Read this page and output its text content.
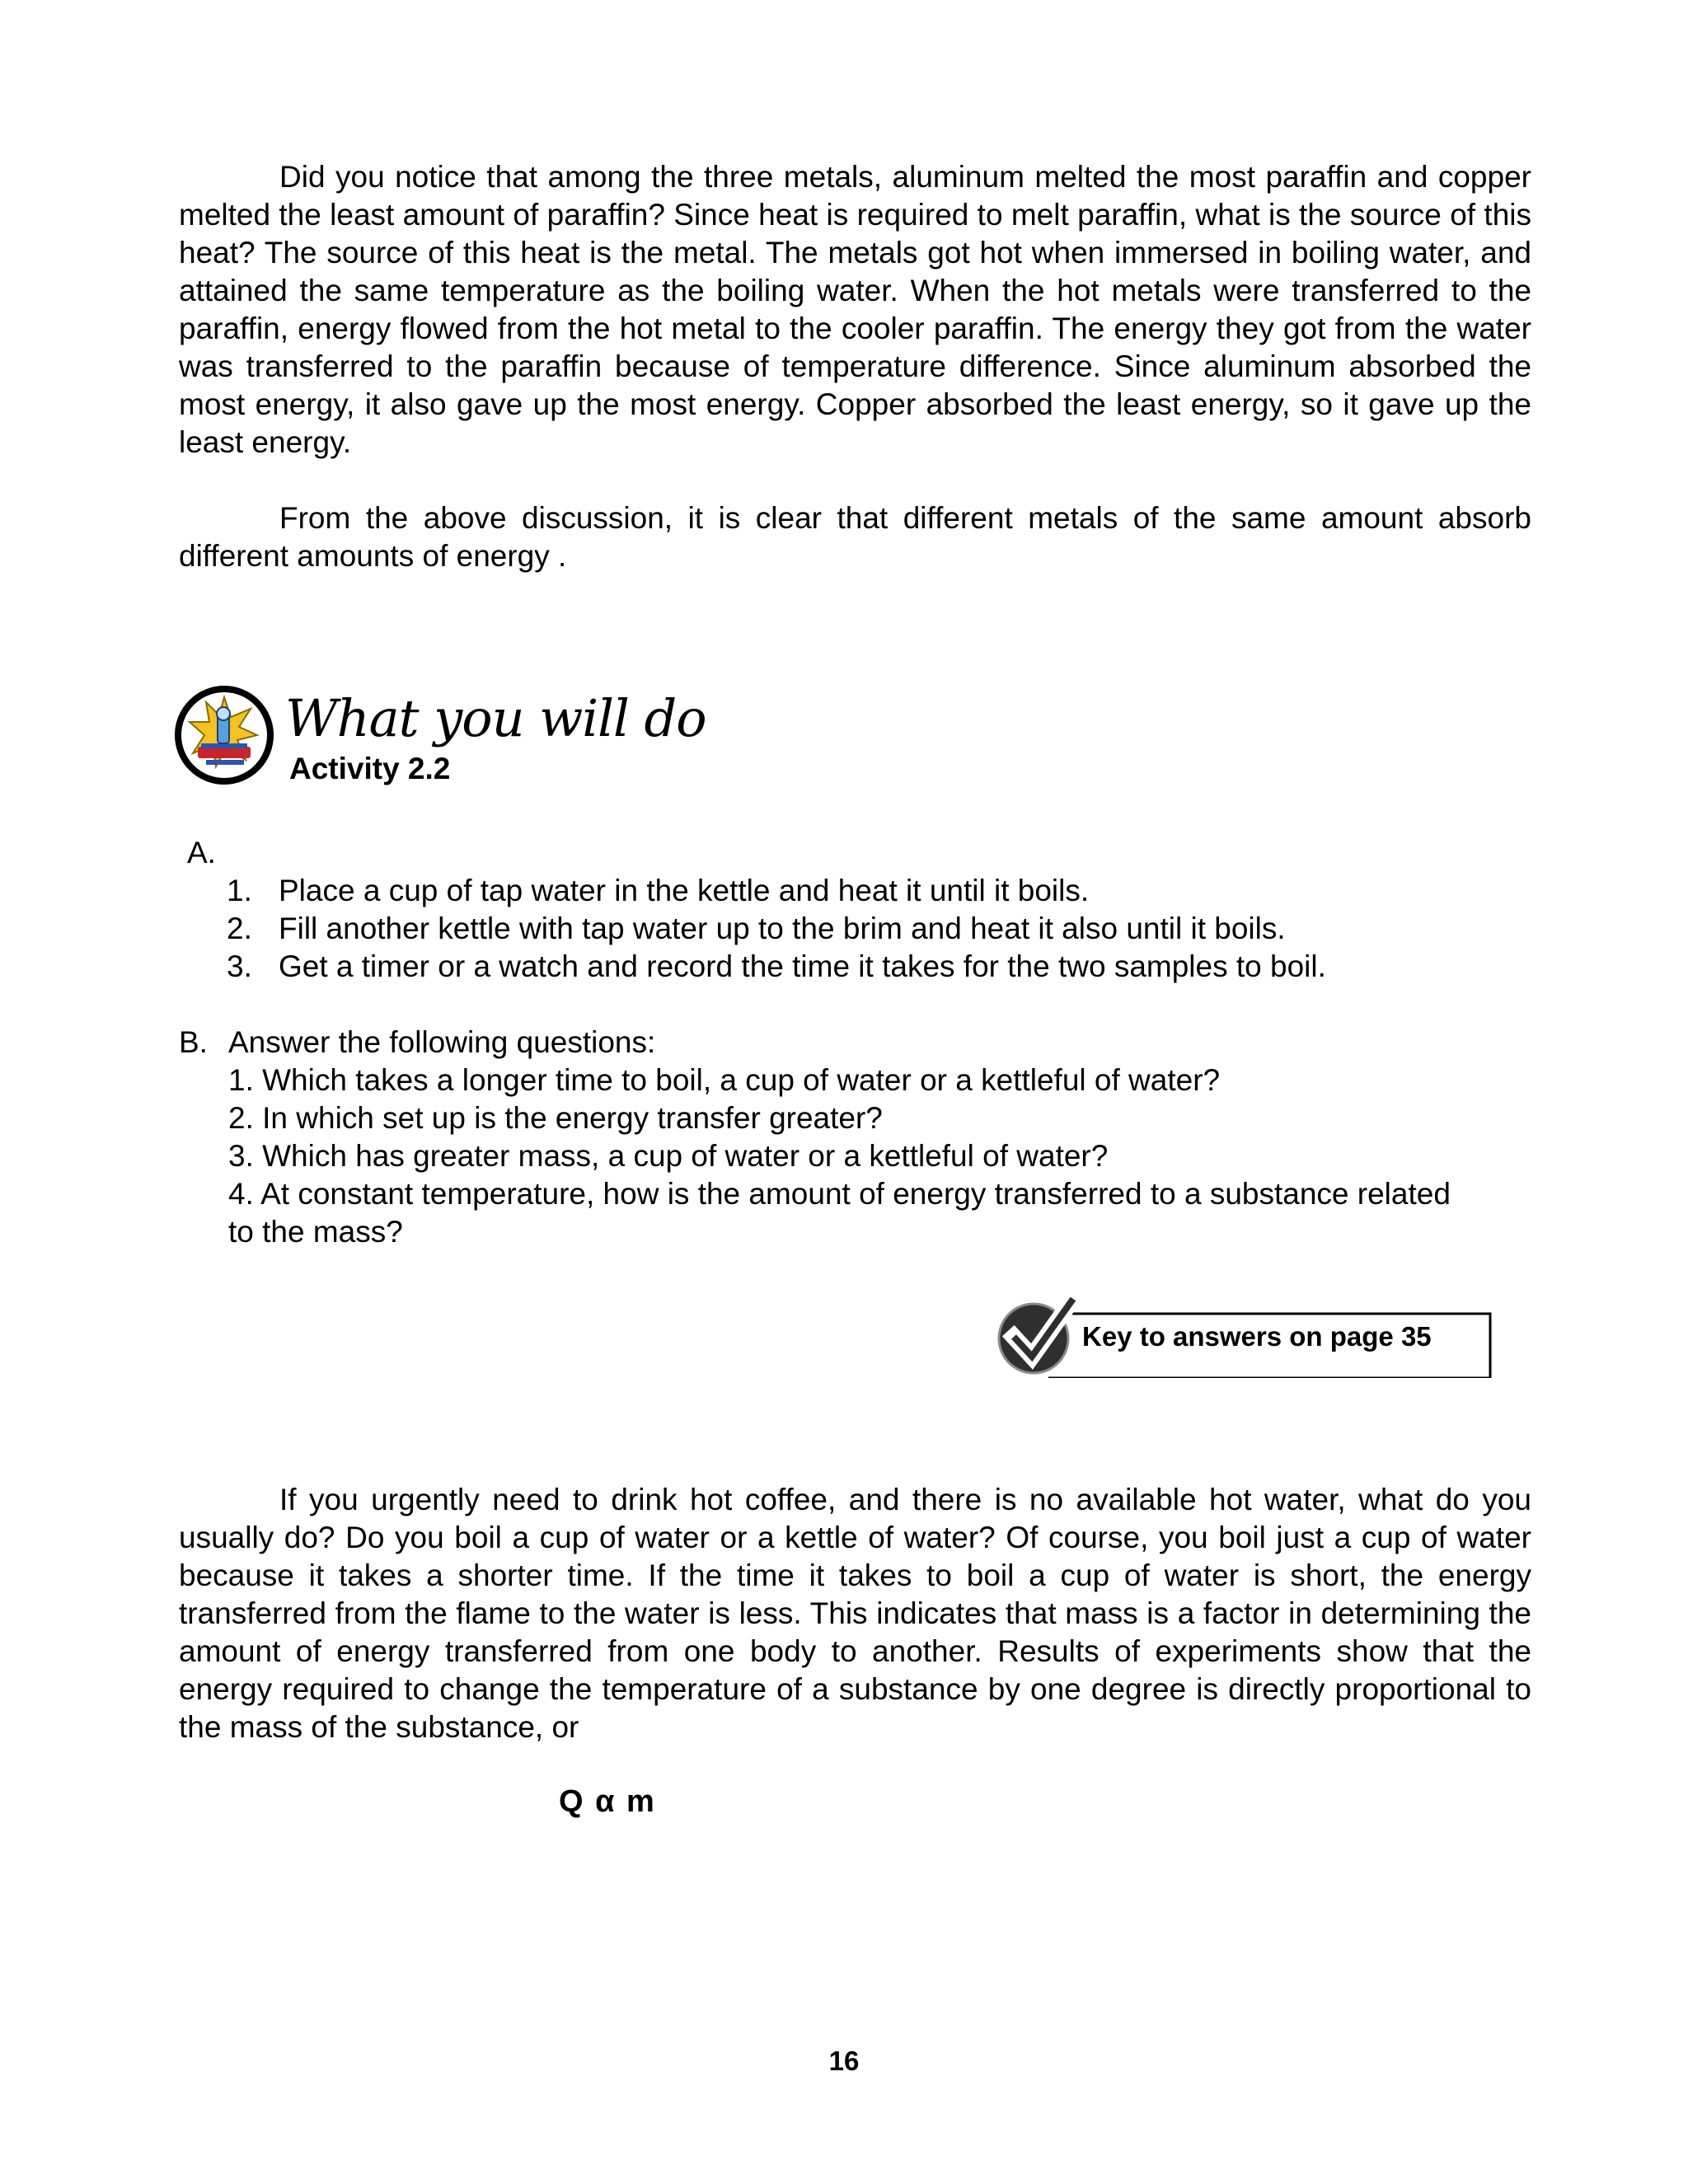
Did you notice that among the three metals, aluminum melted the most paraffin and copper melted the least amount of paraffin? Since heat is required to melt paraffin, what is the source of this heat? The source of this heat is the metal. The metals got hot when immersed in boiling water, and attained the same temperature as the boiling water. When the hot metals were transferred to the paraffin, energy flowed from the hot metal to the cooler paraffin. The energy they got from the water was transferred to the paraffin because of temperature difference. Since aluminum absorbed the most energy, it also gave up the most energy. Copper absorbed the least energy, so it gave up the least energy.

From the above discussion, it is clear that different metals of the same amount absorb different amounts of energy .

What you will do
Activity 2.2
A.
1. Place a cup of tap water in the kettle and heat it until it boils.
2. Fill another kettle with tap water up to the brim and heat it also until it boils.
3. Get a timer or a watch and record the time it takes for the two samples to boil.
B. Answer the following questions:
1. Which takes a longer time to boil, a cup of water or a kettleful of water?
2. In which set up is the energy transfer greater?
3. Which has greater mass, a cup of water or a kettleful of water?
4. At constant temperature, how is the amount of energy transferred to a substance related to the mass?
Key to answers on page 35

If you urgently need to drink hot coffee, and there is no available hot water, what do you usually do? Do you boil a cup of water or a kettle of water? Of course, you boil just a cup of water because it takes a shorter time. If the time it takes to boil a cup of water is short, the energy transferred from the flame to the water is less. This indicates that mass is a factor in determining the amount of energy transferred from one body to another. Results of experiments show that the energy required to change the temperature of a substance by one degree is directly proportional to the mass of the substance, or

Q α m
16
